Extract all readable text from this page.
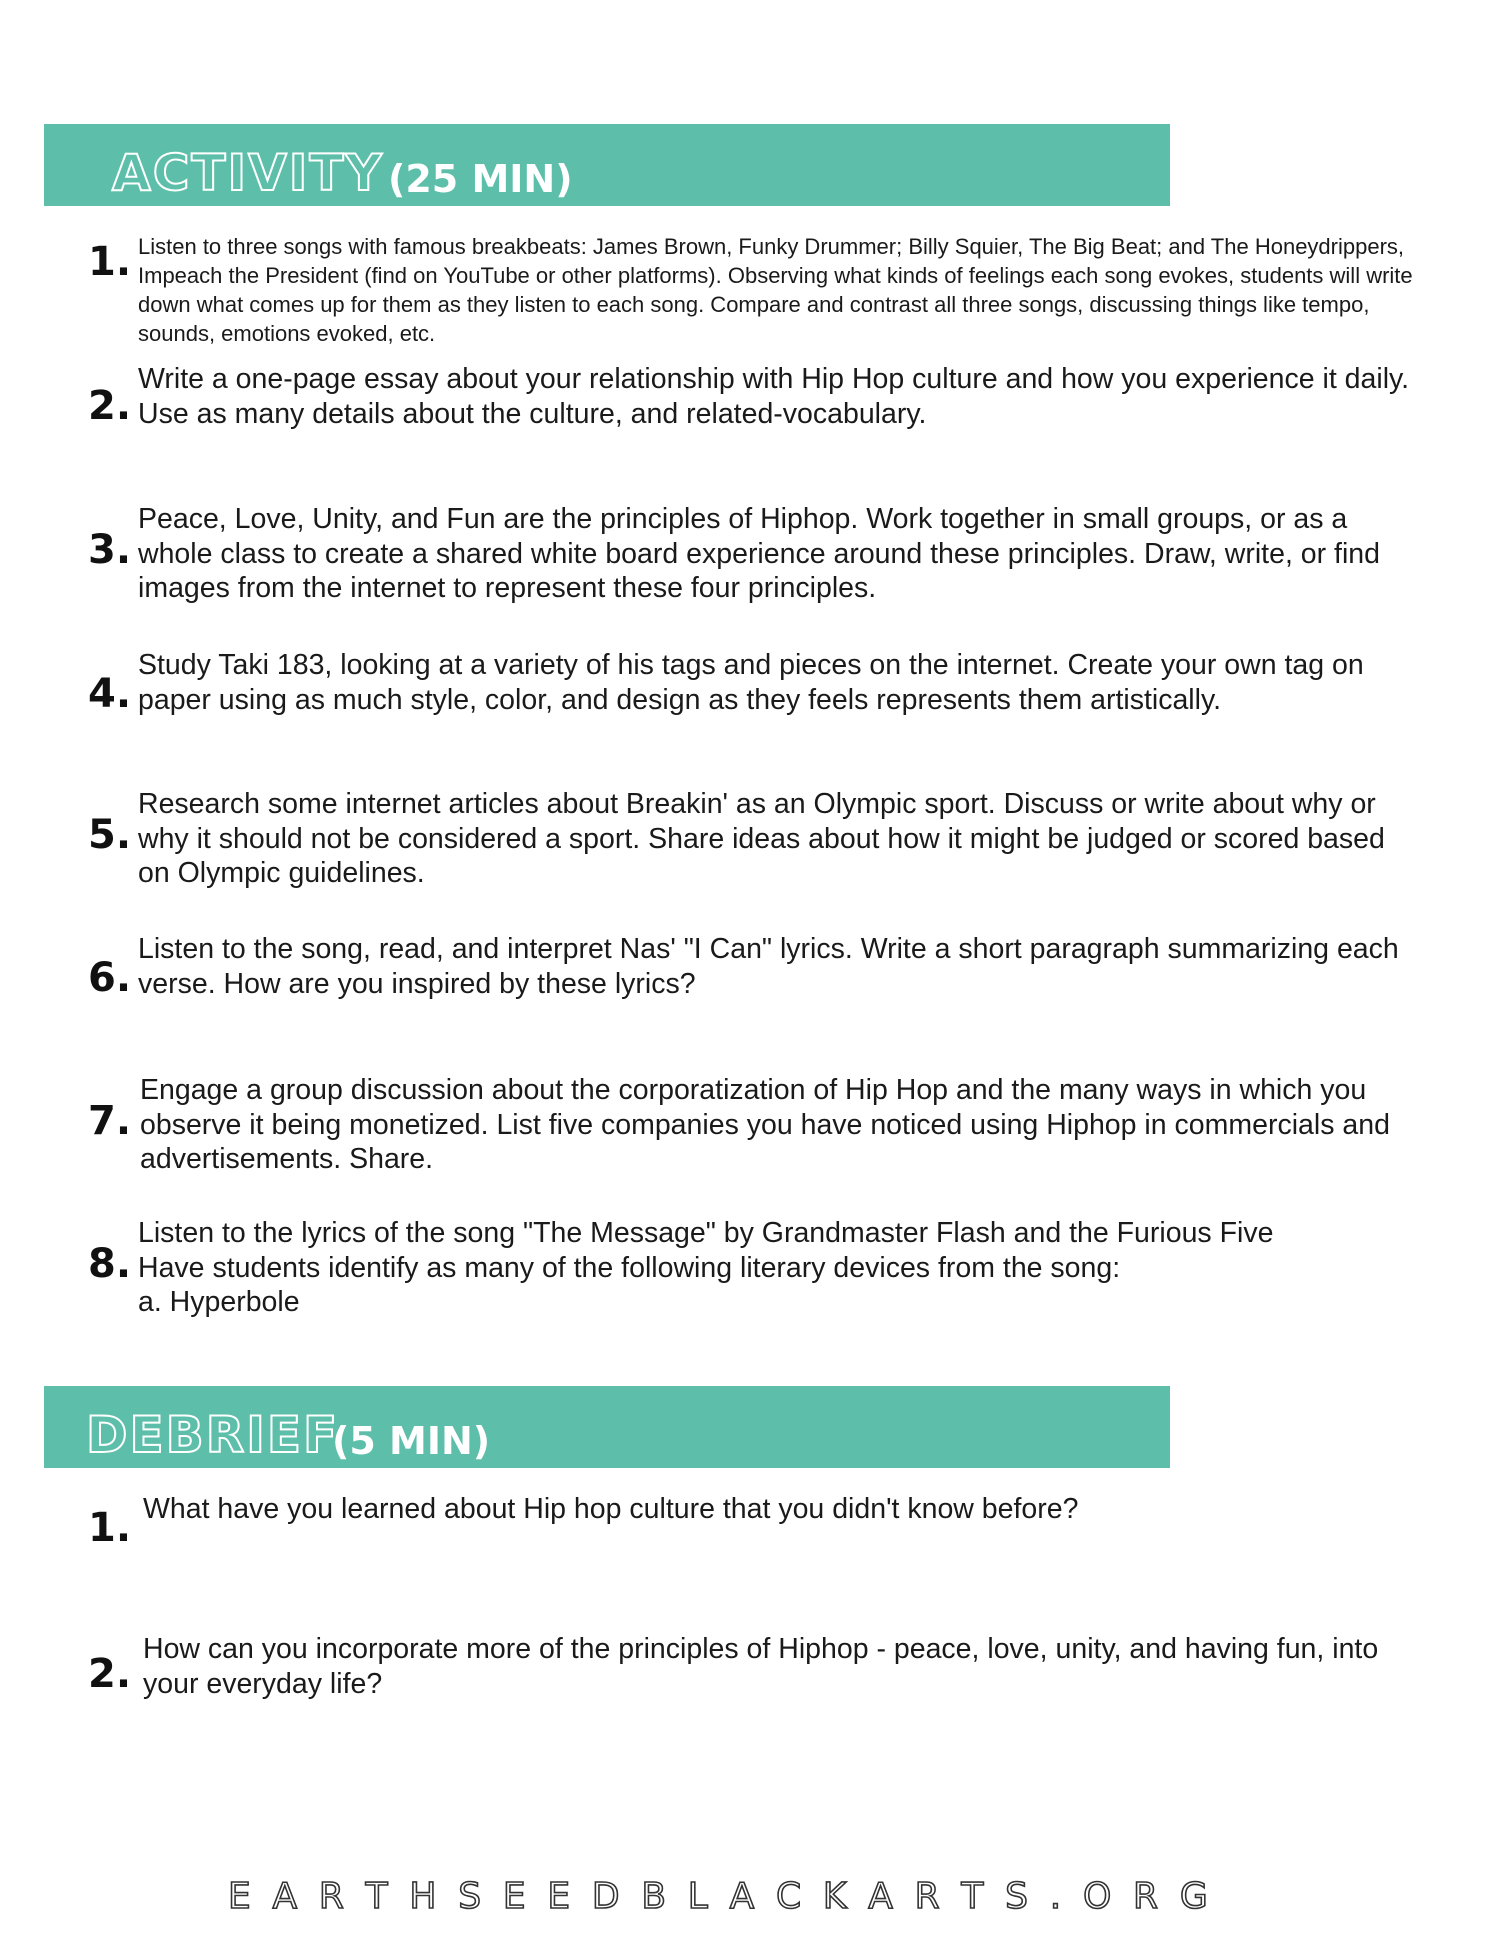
ACTIVITY (25 MIN)
1. Listen to three songs with famous breakbeats: James Brown, Funky Drummer; Billy Squier, The Big Beat; and The Honeydrippers, Impeach the President (find on YouTube or other platforms). Observing what kinds of feelings each song evokes, students will write down what comes up for them as they listen to each song. Compare and contrast all three songs, discussing things like tempo, sounds, emotions evoked, etc.
2.
Write a one-page essay about your relationship with Hip Hop culture and how you experience it daily. Use as many details about the culture, and related-vocabulary.
3.
Peace, Love, Unity, and Fun are the principles of Hiphop. Work together in small groups, or as a whole class to create a shared white board experience around these principles. Draw, write, or find images from the internet to represent these four principles.
4.
Study Taki 183, looking at a variety of his tags and pieces on the internet. Create your own tag on paper using as much style, color, and design as they feels represents them artistically.
5.
Research some internet articles about Breakin' as an Olympic sport. Discuss or write about why or why it should not be considered a sport. Share ideas about how it might be judged or scored based on Olympic guidelines.
6.
Listen to the song, read, and interpret Nas' "I Can" lyrics. Write a short paragraph summarizing each verse. How are you inspired by these lyrics?
7.
Engage a group discussion about the corporatization of Hip Hop and the many ways in which you observe it being monetized. List five companies you have noticed using Hiphop in commercials and advertisements. Share.
8.
Listen to the lyrics of the song "The Message" by Grandmaster Flash and the Furious Five
Have students identify as many of the following literary devices from the song:
a. Hyperbole
DEBRIEF
(5 MIN)
1. What have you learned about Hip hop culture that you didn't know before?
2.
How can you incorporate more of the principles of Hiphop - peace, love, unity, and having fun, into your everyday life?
E A R T H S E E D B L A C K A R T S . O R G
